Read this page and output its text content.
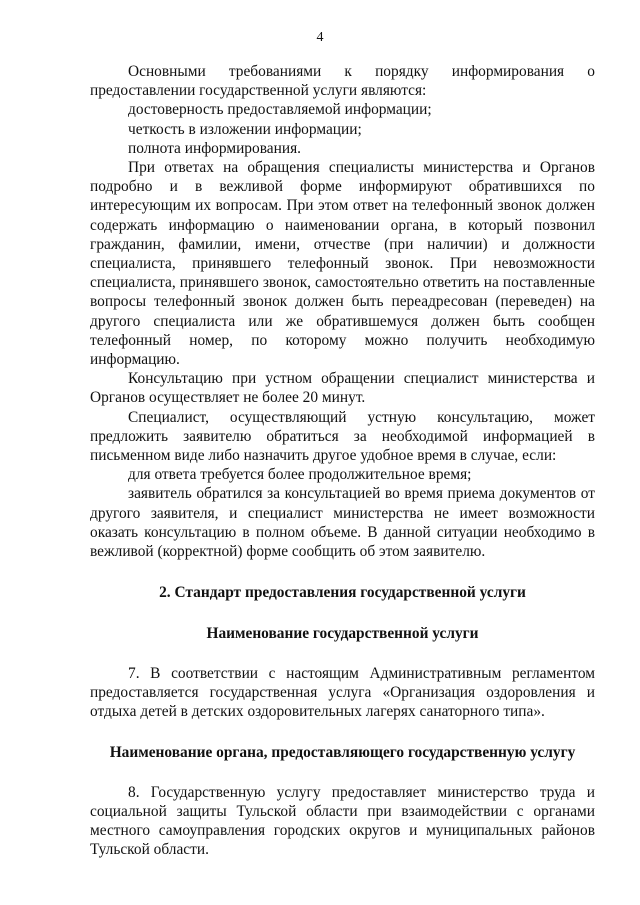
4

Основными требованиями к порядку информирования о предоставлении государственной услуги являются:

достоверность предоставляемой информации;

четкость в изложении информации;

полнота информирования.

При ответах на обращения специалисты министерства и Органов подробно и в вежливой форме информируют обратившихся по интересующим их вопросам. При этом ответ на телефонный звонок должен содержать информацию о наименовании органа, в который позвонил гражданин, фамилии, имени, отчестве (при наличии) и должности специалиста, принявшего телефонный звонок. При невозможности специалиста, принявшего звонок, самостоятельно ответить на поставленные вопросы телефонный звонок должен быть переадресован (переведен) на другого специалиста или же обратившемуся должен быть сообщен телефонный номер, по которому можно получить необходимую информацию.

Консультацию при устном обращении специалист министерства и Органов осуществляет не более 20 минут.

Специалист, осуществляющий устную консультацию, может предложить заявителю обратиться за необходимой информацией в письменном виде либо назначить другое удобное время в случае, если:

для ответа требуется более продолжительное время;

заявитель обратился за консультацией во время приема документов от другого заявителя, и специалист министерства не имеет возможности оказать консультацию в полном объеме. В данной ситуации необходимо в вежливой (корректной) форме сообщить об этом заявителю.

2. Стандарт предоставления государственной услуги

Наименование государственной услуги

7. В соответствии с настоящим Административным регламентом предоставляется государственная услуга «Организация оздоровления и отдыха детей в детских оздоровительных лагерях санаторного типа».

Наименование органа, предоставляющего государственную услугу

8. Государственную услугу предоставляет министерство труда и социальной защиты Тульской области при взаимодействии с органами местного самоуправления городских округов и муниципальных районов Тульской области.
